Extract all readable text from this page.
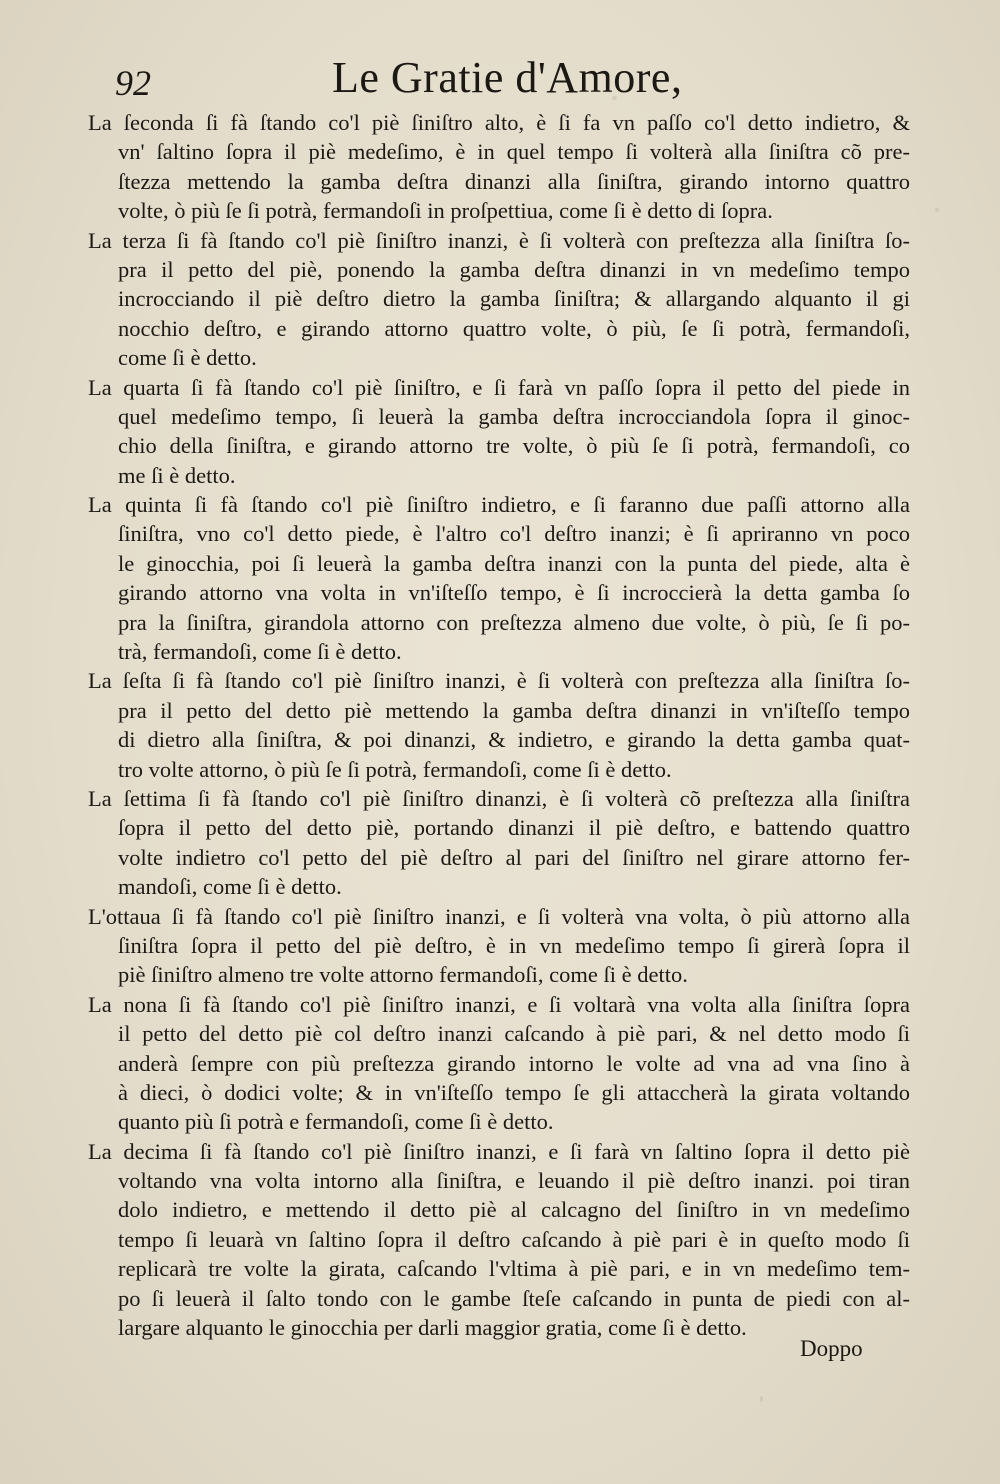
92	Le Gratie d'Amore,
La ſeconda ſi fà ſtando co'l piè ſiniſtro alto, è ſi fa vn paſſo co'l detto indietro, &
vn' ſaltino ſopra il piè medeſimo, è in quel tempo ſi volterà alla ſiniſtra cõ pre-
ſtezza mettendo la gamba deſtra dinanzi alla ſiniſtra, girando intorno quattro
volte, ò più ſe ſi potrà, fermandoſi in proſpettiua, come ſi è detto di ſopra.
La terza ſi fà ſtando co'l piè ſiniſtro inanzi, è ſi volterà con preſtezza alla ſiniſtra ſo-
pra il petto del piè, ponendo la gamba deſtra dinanzi in vn medeſimo tempo
incrocciando il piè deſtro dietro la gamba ſiniſtra; & allargando alquanto il gi
nocchio deſtro, e girando attorno quattro volte, ò più, ſe ſi potrà, fermandoſi,
come ſi è detto.
La quarta ſi fà ſtando co'l piè ſiniſtro, e ſi farà vn paſſo ſopra il petto del piede in
quel medeſimo tempo, ſi leuerà la gamba deſtra incrocciandola ſopra il ginoc-
chio della ſiniſtra, e girando attorno tre volte, ò più ſe ſi potrà, fermandoſi, co
me ſi è detto.
La quinta ſi fà ſtando co'l piè ſiniſtro indietro, e ſi faranno due paſſi attorno alla
ſiniſtra, vno co'l detto piede, è l'altro co'l deſtro inanzi; è ſi apriranno vn poco
le ginocchia, poi ſi leuerà la gamba deſtra inanzi con la punta del piede, alta è
girando attorno vna volta in vn'iſteſſo tempo, è ſi incroccierà la detta gamba ſo
pra la ſiniſtra, girandola attorno con preſtezza almeno due volte, ò più, ſe ſi po-
trà, fermandoſi, come ſi è detto.
La ſeſta ſi fà ſtando co'l piè ſiniſtro inanzi, è ſi volterà con preſtezza alla ſiniſtra ſo-
pra il petto del detto piè mettendo la gamba deſtra dinanzi in vn'iſteſſo tempo
di dietro alla ſiniſtra, & poi dinanzi, & indietro, e girando la detta gamba quat-
tro volte attorno, ò più ſe ſi potrà, fermandoſi, come ſi è detto.
La ſettima ſi fà ſtando co'l piè ſiniſtro dinanzi, è ſi volterà cõ preſtezza alla ſiniſtra
ſopra il petto del detto piè, portando dinanzi il piè deſtro, e battendo quattro
volte indietro co'l petto del piè deſtro al pari del ſiniſtro nel girare attorno fer-
mandoſi, come ſi è detto.
L'ottaua ſi fà ſtando co'l piè ſiniſtro inanzi, e ſi volterà vna volta, ò più attorno alla
ſiniſtra ſopra il petto del piè deſtro, è in vn medeſimo tempo ſi girerà ſopra il
piè ſiniſtro almeno tre volte attorno fermandoſi, come ſi è detto.
La nona ſi fà ſtando co'l piè ſiniſtro inanzi, e ſi voltarà vna volta alla ſiniſtra ſopra
il petto del detto piè col deſtro inanzi caſcando à piè pari, & nel detto modo ſi
anderà ſempre con più preſtezza girando intorno le volte ad vna ad vna ſino à
à dieci, ò dodici volte; & in vn'iſteſſo tempo ſe gli attaccherà la girata voltando
quanto più ſi potrà e fermandoſi, come ſi è detto.
La decima ſi fà ſtando co'l piè ſiniſtro inanzi, e ſi farà vn ſaltino ſopra il detto piè
voltando vna volta intorno alla ſiniſtra, e leuando il piè deſtro inanzi. poi tiran
dolo indietro, e mettendo il detto piè al calcagno del ſiniſtro in vn medeſimo
tempo ſi leuarà vn ſaltino ſopra il deſtro caſcando à piè pari è in queſto modo ſi
replicarà tre volte la girata, caſcando l'vltima à piè pari, e in vn medeſimo tem-
po ſi leuerà il ſalto tondo con le gambe ſteſe caſcando in punta de piedi con al-
largare alquanto le ginocchia per darli maggior gratia, come ſi è detto.
Doppo
